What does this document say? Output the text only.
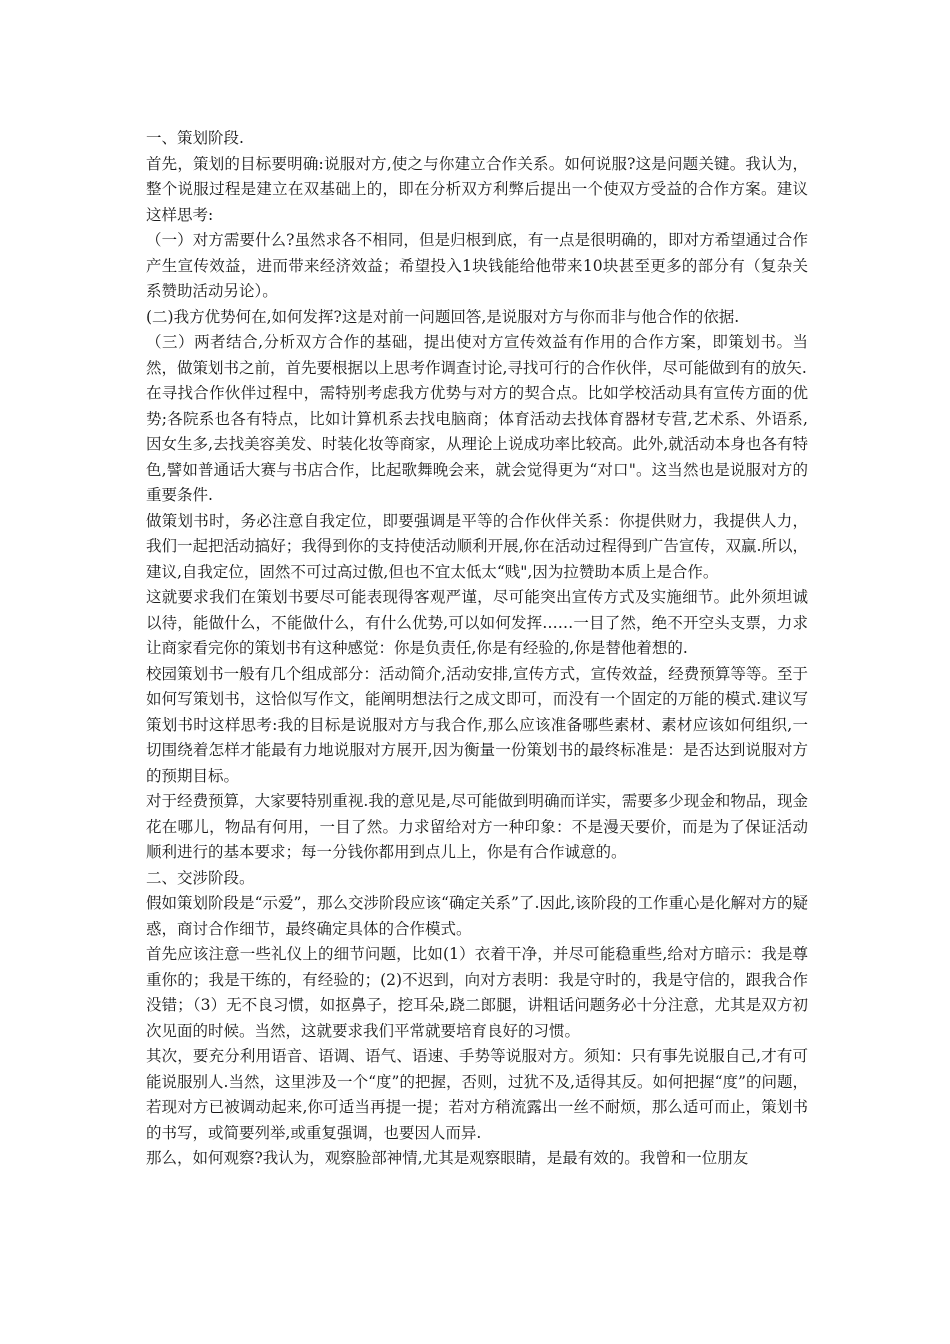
一、策划阶段.

首先，策划的目标要明确:说服对方,使之与你建立合作关系。如何说服?这是问题关键。我认为，整个说服过程是建立在双基础上的，即在分析双方利弊后提出一个使双方受益的合作方案。建议这样思考:

（一）对方需要什么?虽然求各不相同，但是归根到底，有一点是很明确的，即对方希望通过合作产生宣传效益，进而带来经济效益；希望投入1块钱能给他带来10块甚至更多的部分有（复杂关系赞助活动另论）。

(二)我方优势何在,如何发挥?这是对前一问题回答,是说服对方与你而非与他合作的依据.

（三）两者结合,分析双方合作的基础，提出使对方宣传效益有作用的合作方案，即策划书。当然，做策划书之前，首先要根据以上思考作调查讨论,寻找可行的合作伙伴，尽可能做到有的放矢.

在寻找合作伙伴过程中，需特别考虑我方优势与对方的契合点。比如学校活动具有宣传方面的优势;各院系也各有特点，比如计算机系去找电脑商；体育活动去找体育器材专营,艺术系、外语系,因女生多,去找美容美发、时装化妆等商家，从理论上说成功率比较高。此外,就活动本身也各有特色,譬如普通话大赛与书店合作，比起歌舞晚会来，就会觉得更为“对口"。这当然也是说服对方的重要条件.

做策划书时，务必注意自我定位，即要强调是平等的合作伙伴关系：你提供财力，我提供人力，我们一起把活动搞好；我得到你的支持使活动顺利开展,你在活动过程得到广告宣传，双赢.所以，建议,自我定位，固然不可过高过傲,但也不宜太低太“贱",因为拉赞助本质上是合作。

这就要求我们在策划书要尽可能表现得客观严谨，尽可能突出宣传方式及实施细节。此外须坦诚以待，能做什么，不能做什么，有什么优势,可以如何发挥……一目了然，绝不开空头支票，力求让商家看完你的策划书有这种感觉：你是负责任,你是有经验的,你是替他着想的.

校园策划书一般有几个组成部分：活动简介,活动安排,宣传方式，宣传效益，经费预算等等。至于如何写策划书，这恰似写作文，能阐明想法行之成文即可，而没有一个固定的万能的模式.建议写策划书时这样思考:我的目标是说服对方与我合作,那么应该准备哪些素材、素材应该如何组织,一切围绕着怎样才能最有力地说服对方展开,因为衡量一份策划书的最终标准是：是否达到说服对方的预期目标。

对于经费预算，大家要特别重视.我的意见是,尽可能做到明确而详实，需要多少现金和物品，现金花在哪儿，物品有何用，一目了然。力求留给对方一种印象：不是漫天要价，而是为了保证活动顺利进行的基本要求；每一分钱你都用到点儿上，你是有合作诚意的。

二、交涉阶段。

假如策划阶段是“示爱”，那么交涉阶段应该“确定关系”了.因此,该阶段的工作重心是化解对方的疑惑，商讨合作细节，最终确定具体的合作模式。

首先应该注意一些礼仪上的细节问题，比如(1）衣着干净，并尽可能稳重些,给对方暗示：我是尊重你的；我是干练的，有经验的；(2)不迟到，向对方表明：我是守时的，我是守信的，跟我合作没错；（3）无不良习惯，如抠鼻子，挖耳朵,跷二郎腿，讲粗话问题务必十分注意，尤其是双方初次见面的时候。当然，这就要求我们平常就要培育良好的习惯。

其次，要充分利用语音、语调、语气、语速、手势等说服对方。须知：只有事先说服自己,才有可能说服别人.当然，这里涉及一个“度”的把握，否则，过犹不及,适得其反。如何把握“度”的问题，若现对方已被调动起来,你可适当再提一提；若对方稍流露出一丝不耐烦，那么适可而止，策划书的书写，或简要列举,或重复强调，也要因人而异.

那么，如何观察?我认为，观察脸部神情,尤其是观察眼睛，是最有效的。我曾和一位朋友
